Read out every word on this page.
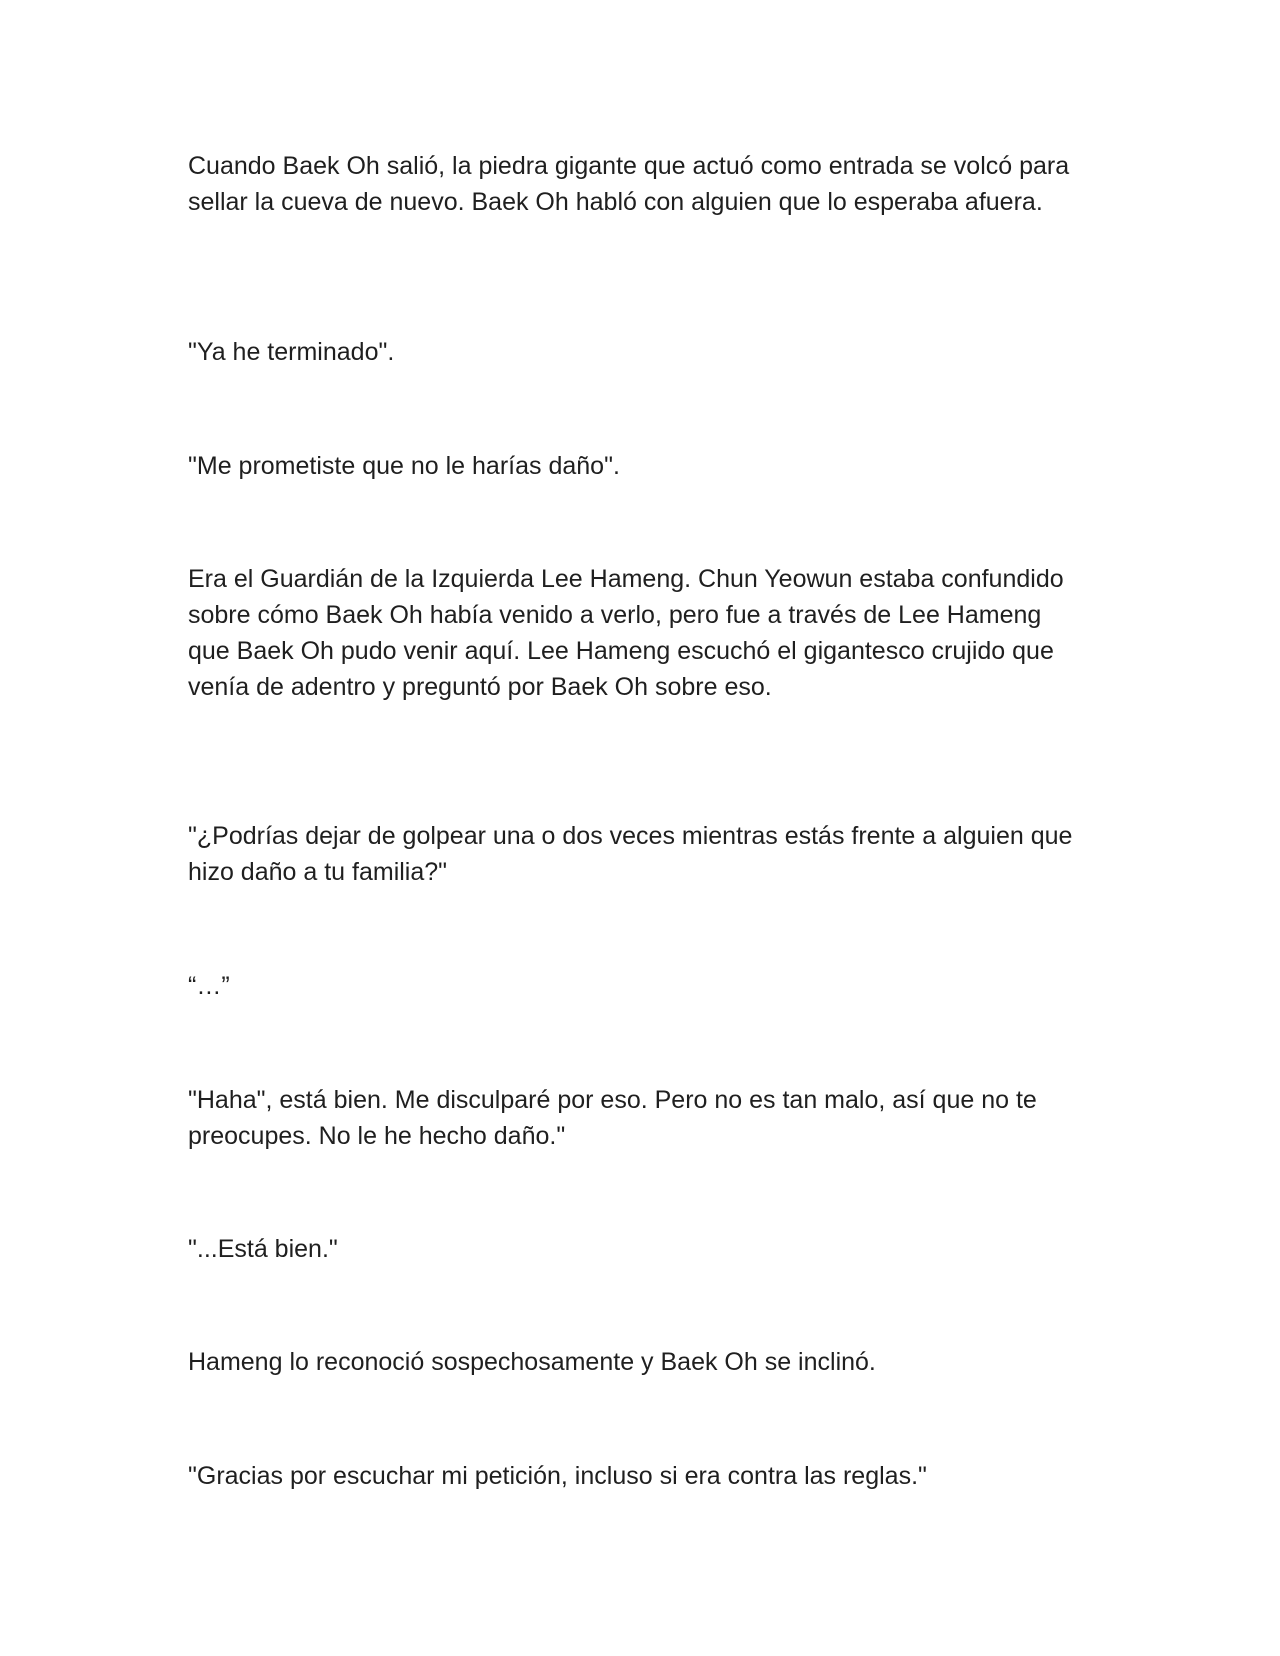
Cuando Baek Oh salió, la piedra gigante que actuó como entrada se volcó para sellar la cueva de nuevo. Baek Oh habló con alguien que lo esperaba afuera.

"Ya he terminado".

"Me prometiste que no le harías daño".

Era el Guardián de la Izquierda Lee Hameng. Chun Yeowun estaba confundido sobre cómo Baek Oh había venido a verlo, pero fue a través de Lee Hameng que Baek Oh pudo venir aquí. Lee Hameng escuchó el gigantesco crujido que venía de adentro y preguntó por Baek Oh sobre eso.

"¿Podrías dejar de golpear una o dos veces mientras estás frente a alguien que hizo daño a tu familia?"

“…”

"Haha", está bien. Me disculparé por eso. Pero no es tan malo, así que no te preocupes. No le he hecho daño."

"...Está bien."

Hameng lo reconoció sospechosamente y Baek Oh se inclinó.

"Gracias por escuchar mi petición, incluso si era contra las reglas."
